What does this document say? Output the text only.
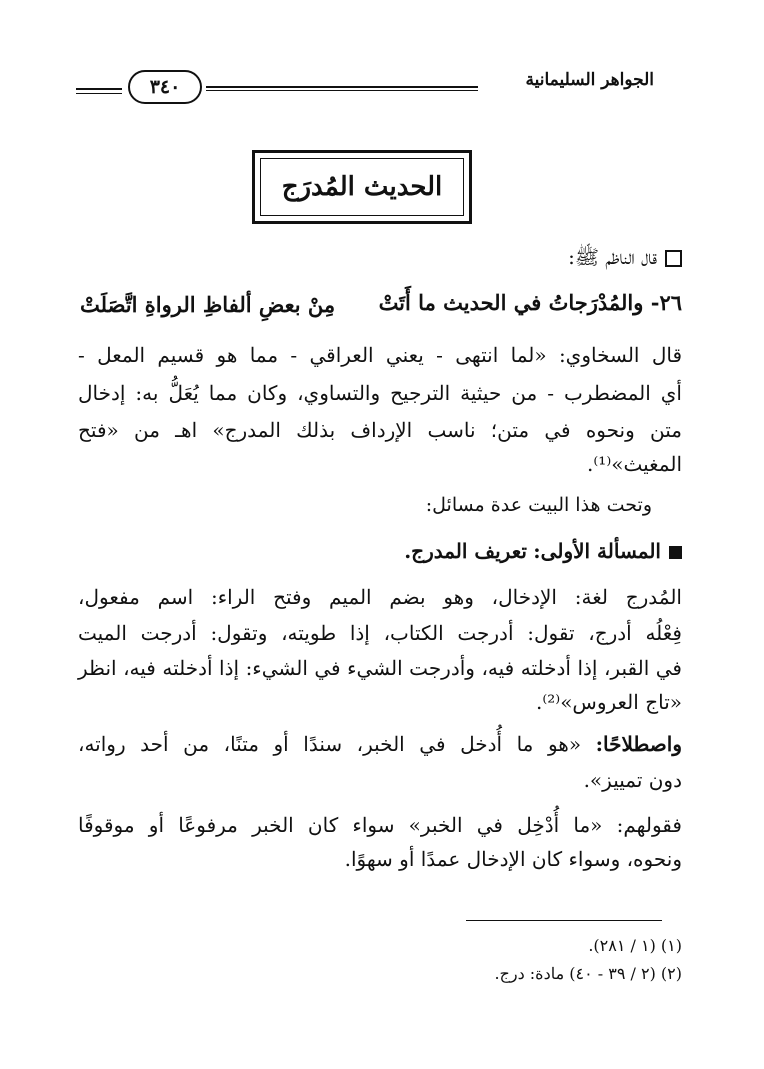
الجواهر السليمانية
٣٤٠
الحديث المُدرَج
قال الناظم ﷺ:
٢٦- والمُدْرَجاتُ في الحديث ما أَتَتْ
مِنْ بعضِ ألفاظِ الرواةِ اتَّصَلَتْ
قال السخاوي: «لما انتهى - يعني العراقي - مما هو قسيم المعل -
أي المضطرب - من حيثية الترجيح والتساوي، وكان مما يُعَلُّ به: إدخال
متن ونحوه في متن؛ ناسب الإرداف بذلك المدرج» اهـ من «فتح
المغيث»⁽¹⁾.
وتحت هذا البيت عدة مسائل:
المسألة الأولى: تعريف المدرج.
المُدرج لغة: الإدخال، وهو بضم الميم وفتح الراء: اسم مفعول،
فِعْلُه أدرج، تقول: أدرجت الكتاب، إذا طويته، وتقول: أدرجت الميت
في القبر، إذا أدخلته فيه، وأدرجت الشيء في الشيء: إذا أدخلته فيه، انظر
«تاج العروس»⁽²⁾.
واصطلاحًا: «هو ما أُدخل في الخبر، سندًا أو متنًا، من أحد رواته،
دون تمييز».
فقولهم: «ما أُدْخِل في الخبر» سواء كان الخبر مرفوعًا أو موقوفًا
ونحوه، وسواء كان الإدخال عمدًا أو سهوًا.
(١) (١ / ٢٨١).
(٢) (٢ / ٣٩ - ٤٠) مادة: درج.
